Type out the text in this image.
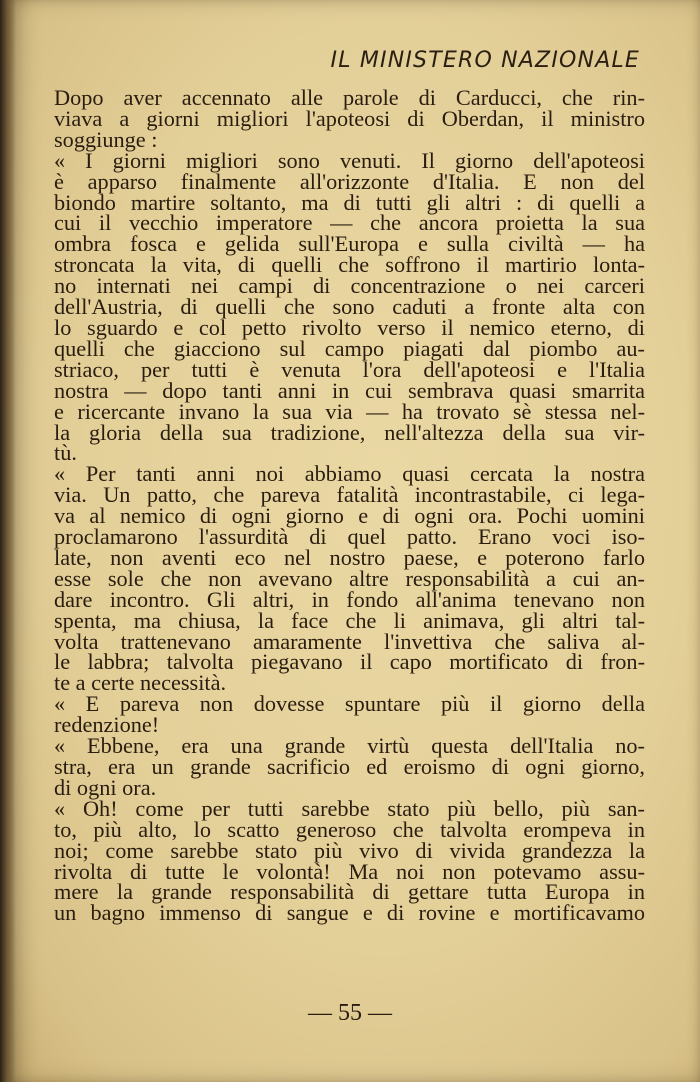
IL MINISTERO NAZIONALE
Dopo aver accennato alle parole di Carducci, che rin-
viava a giorni migliori l'apoteosi di Oberdan, il ministro
soggiunge :
« I giorni migliori sono venuti. Il giorno dell'apoteosi
è apparso finalmente all'orizzonte d'Italia. E non del
biondo martire soltanto, ma di tutti gli altri : di quelli a
cui il vecchio imperatore — che ancora proietta la sua
ombra fosca e gelida sull'Europa e sulla civiltà — ha
stroncata la vita, di quelli che soffrono il martirio lonta-
no internati nei campi di concentrazione o nei carceri
dell'Austria, di quelli che sono caduti a fronte alta con
lo sguardo e col petto rivolto verso il nemico eterno, di
quelli che giacciono sul campo piagati dal piombo au-
striaco, per tutti è venuta l'ora dell'apoteosi e l'Italia
nostra — dopo tanti anni in cui sembrava quasi smarrita
e ricercante invano la sua via — ha trovato sè stessa nel-
la gloria della sua tradizione, nell'altezza della sua vir-
tù.
« Per tanti anni noi abbiamo quasi cercata la nostra
via. Un patto, che pareva fatalità incontrastabile, ci lega-
va al nemico di ogni giorno e di ogni ora. Pochi uomini
proclamarono l'assurdità di quel patto. Erano voci iso-
late, non aventi eco nel nostro paese, e poterono farlo
esse sole che non avevano altre responsabilità a cui an-
dare incontro. Gli altri, in fondo all'anima tenevano non
spenta, ma chiusa, la face che li animava, gli altri tal-
volta trattenevano amaramente l'invettiva che saliva al-
le labbra; talvolta piegavano il capo mortificato di fron-
te a certe necessità.
« E pareva non dovesse spuntare più il giorno della
redenzione!
« Ebbene, era una grande virtù questa dell'Italia no-
stra, era un grande sacrificio ed eroismo di ogni giorno,
di ogni ora.
« Oh! come per tutti sarebbe stato più bello, più san-
to, più alto, lo scatto generoso che talvolta erompeva in
noi; come sarebbe stato più vivo di vivida grandezza la
rivolta di tutte le volontà! Ma noi non potevamo assu-
mere la grande responsabilità di gettare tutta Europa in
un bagno immenso di sangue e di rovine e mortificavamo
— 55 —
